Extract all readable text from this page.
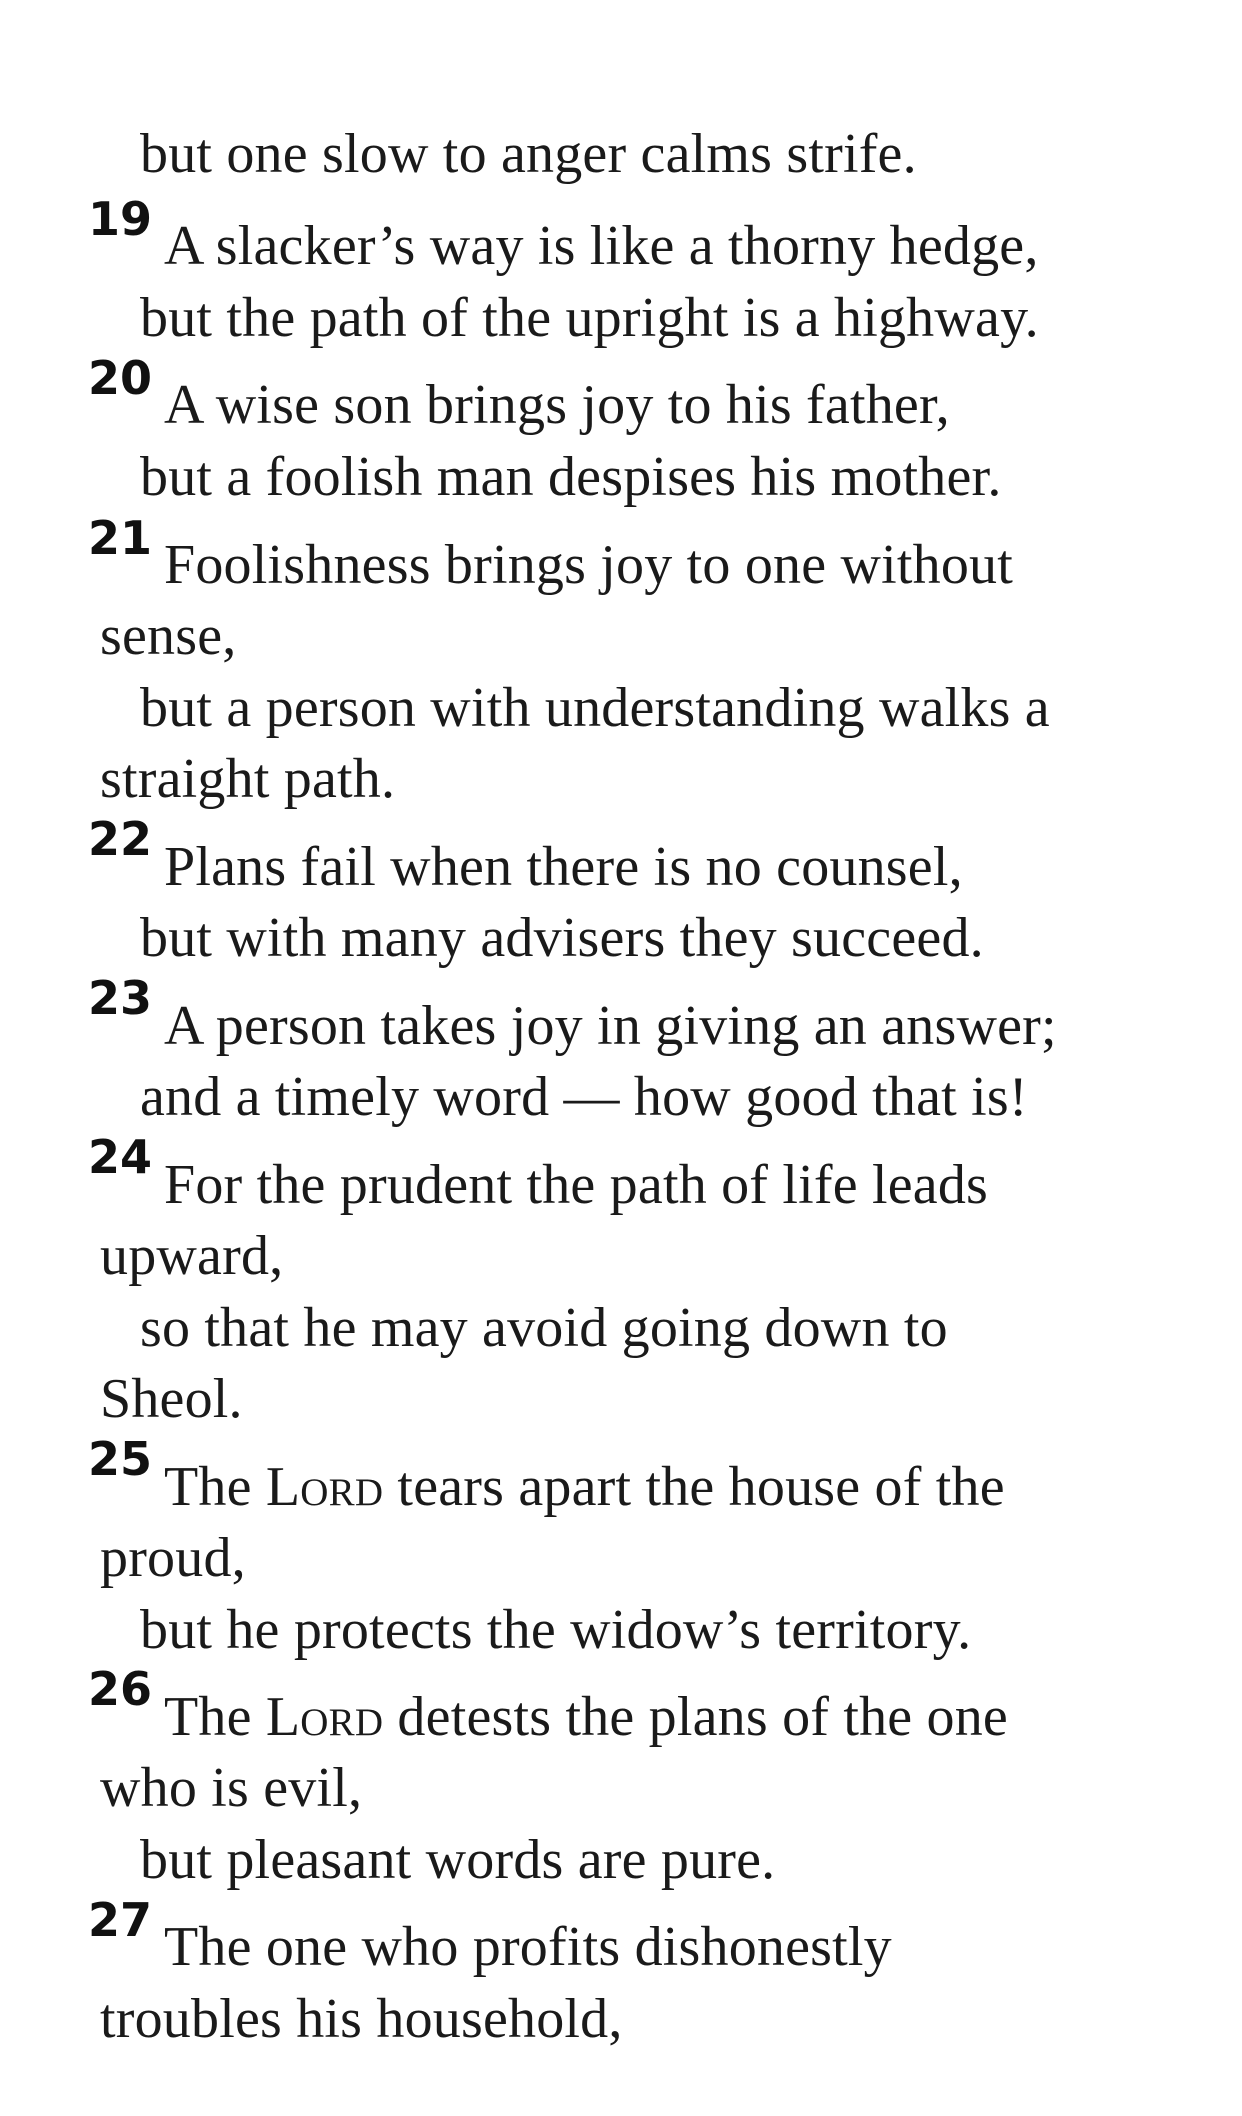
but one slow to anger calms strife.
19 A slacker’s way is like a thorny hedge,
but the path of the upright is a highway.
20 A wise son brings joy to his father,
but a foolish man despises his mother.
21 Foolishness brings joy to one without
sense,
but a person with understanding walks a
straight path.
22 Plans fail when there is no counsel,
but with many advisers they succeed.
23 A person takes joy in giving an answer;
and a timely word — how good that is!
24 For the prudent the path of life leads
upward,
so that he may avoid going down to
Sheol.
25 The Lord tears apart the house of the
proud,
but he protects the widow’s territory.
26 The Lord detests the plans of the one
who is evil,
but pleasant words are pure.
27 The one who profits dishonestly
troubles his household,
